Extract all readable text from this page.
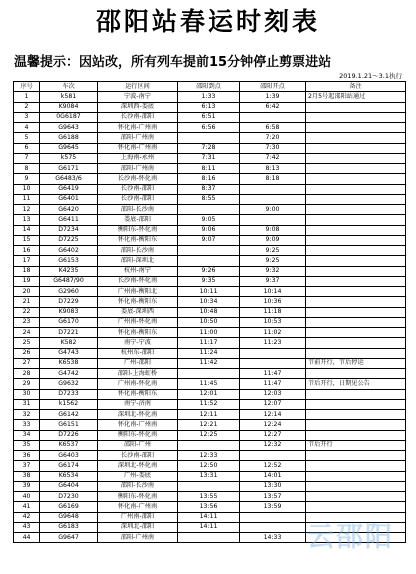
邵阳站春运时刻表
温馨提示：因站改，所有列车提前15分钟停止剪票进站
2019.1.21～3.1执行
序号	车次	运行区间	邵阳到点	邵阳开点	备注
1	k581	宁波-南宁	1:33	1:39	2月5号起邵阳站通过
2	K9084	深圳西-娄底	6:13	6:42	
3	0G6187	长沙南-邵阳	6:51		
4	G9643	怀化南-广州南	6:56	6:58	
5	G6188	邵阳-广州南		7:20	
6	G9645	怀化南-广州南	7:28	7:30	
7	k575	上海南-永州	7:31	7:42	
8	G6171	邵阳-广州南	8:11	8:13	
9	G6483/6	长沙南-怀化南	8:16	8:18	
10	G6419	长沙南-邵阳	8:37		
11	G6401	长沙南-邵阳	8:55		
12	G6420	邵阳-长沙南		9:00	
13	G6411	娄底-邵阳	9:05		
14	D7234	衡阳东-怀化南	9:06	9:08	
15	D7225	怀化南-衡阳东	9:07	9:09	
16	G6402	邵阳-长沙南		9:25	
17	G6153	邵阳-深圳北		9:25	
18	K4235	杭州-南宁	9:26	9:32	
19	G6487/90	长沙南-怀化南	9:35	9:37	
20	G2960	广州南-衡阳北	10:11	10:14	
21	D7229	怀化南-衡阳东	10:34	10:36	
22	K9083	娄底-深圳西	10:48	11:18	
23	G6170	广州南-怀化南	10:50	10:53	
24	D7221	怀化南-衡阳东	11:00	11:02	
25	K582	南宁-宁波	11:17	11:23	
26	G4743	杭州东-邵阳	11:24		
27	K6538	广州-邵阳	11:42		节前开行，节后停运
28	G4742	邵阳-上海虹桥		11:47	
29	G9632	广州南-怀化南	11:45	11:47	节后开行，日期见公告
30	D7233	怀化南-衡阳东	12:01	12:03	
31	k1562	南宁-济南	11:52	12:07	
32	G6142	深圳北-怀化南	12:11	12:14	
33	G6151	怀化南-广州南	12:21	12:24	
34	D7226	衡阳东-怀化南	12:25	12:27	
35	K6537	邵阳-广州		12:32	节后开行
36	G6403	长沙南-邵阳	12:33		
37	G6174	深圳北-怀化南	12:50	12:52	
38	K6534	广州-娄底	13:31	14:01	
39	G6404	邵阳-长沙南		13:30	
40	D7230	衡阳东-怀化南	13:55	13:57	
41	G6169	怀化南-广州南	13:56	13:59	
42	G9648	广州南-邵阳	14:11		
43	G6183	深圳北-邵阳	14:11		
44	G9647	邵阳-广州南		14:33	云邵阳
